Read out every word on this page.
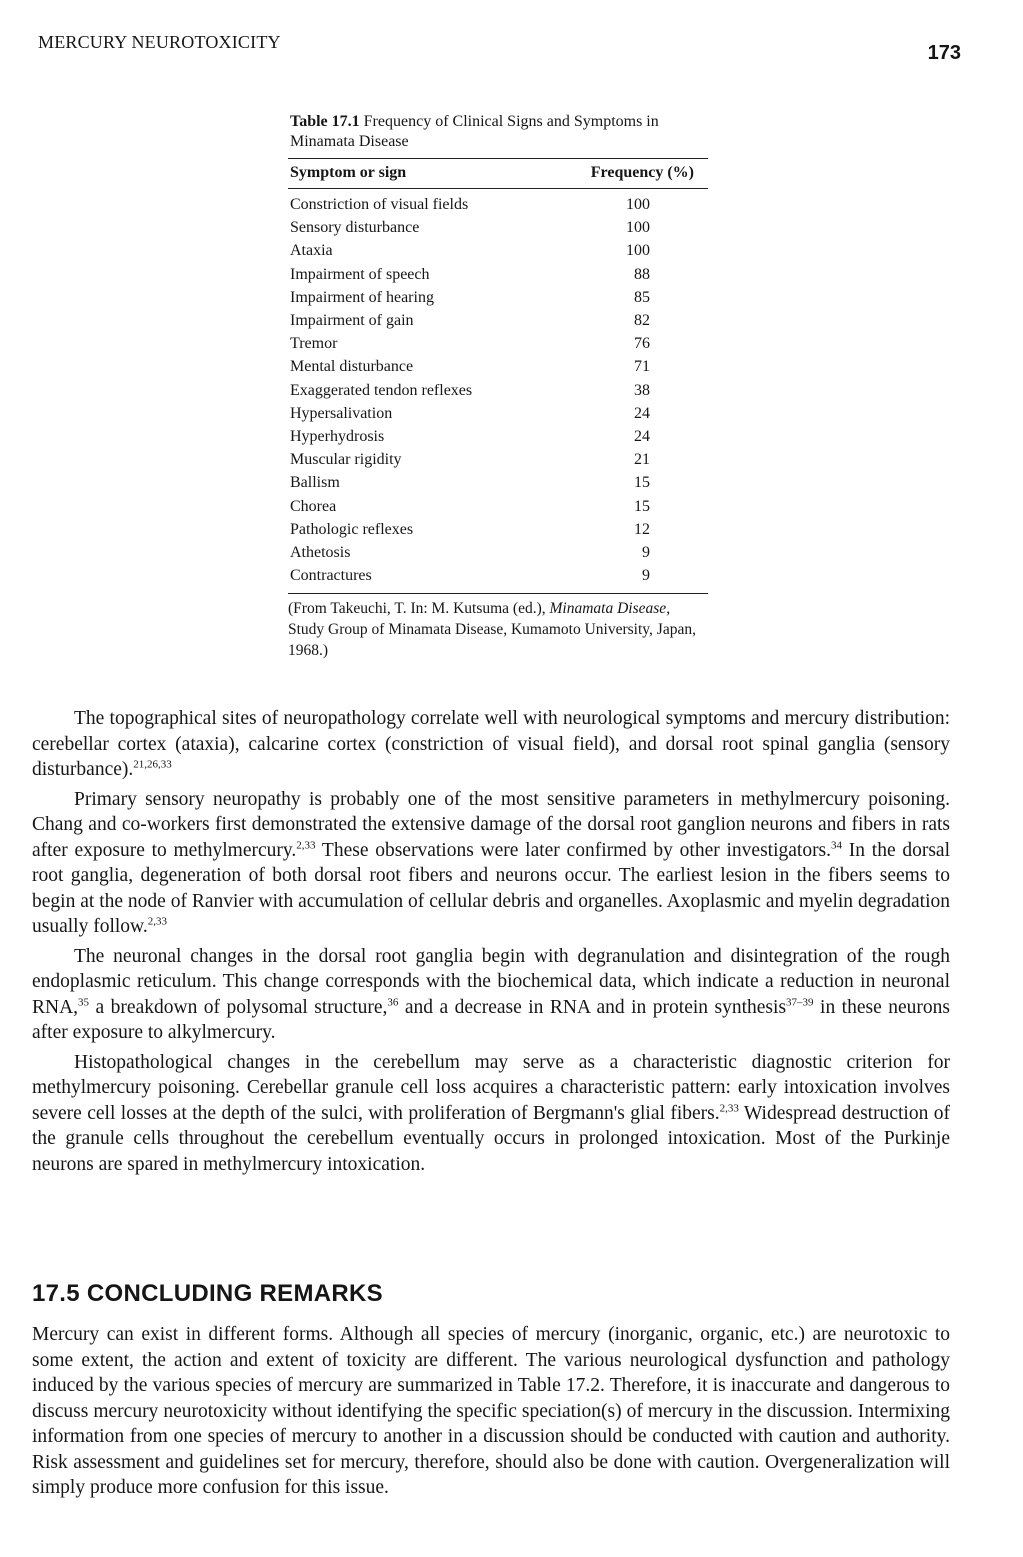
MERCURY NEUROTOXICITY	173
Table 17.1 Frequency of Clinical Signs and Symptoms in Minamata Disease
Symptom or sign	Frequency (%)

Constriction of visual fields	100
Sensory disturbance	100
Ataxia	100
Impairment of speech	88
Impairment of hearing	85
Impairment of gain	82
Tremor	76
Mental disturbance	71
Exaggerated tendon reflexes	38
Hypersalivation	24
Hyperhydrosis	24
Muscular rigidity	21
Ballism	15
Chorea	15
Pathologic reflexes	12
Athetosis	9
Contractures	9
(From Takeuchi, T. In: M. Kutsuma (ed.), Minamata Disease, Study Group of Minamata Disease, Kumamoto University, Japan, 1968.)

The topographical sites of neuropathology correlate well with neurological symptoms and mercury distribution: cerebellar cortex (ataxia), calcarine cortex (constriction of visual field), and dorsal root spinal ganglia (sensory disturbance).$^{21,26,33}$

Primary sensory neuropathy is probably one of the most sensitive parameters in methylmercury poisoning. Chang and co-workers first demonstrated the extensive damage of the dorsal root ganglion neurons and fibers in rats after exposure to methylmercury.$^{2,33}$ These observations were later confirmed by other investigators.$^{34}$ In the dorsal root ganglia, degeneration of both dorsal root fibers and neurons occur. The earliest lesion in the fibers seems to begin at the node of Ranvier with accumulation of cellular debris and organelles. Axoplasmic and myelin degradation usually follow.$^{2,33}$

The neuronal changes in the dorsal root ganglia begin with degranulation and disintegration of the rough endoplasmic reticulum. This change corresponds with the biochemical data, which indicate a reduction in neuronal RNA,$^{35}$ a breakdown of polysomal structure,$^{36}$ and a decrease in RNA and in protein synthesis$^{37-39}$ in these neurons after exposure to alkylmercury.

Histopathological changes in the cerebellum may serve as a characteristic diagnostic criterion for methylmercury poisoning. Cerebellar granule cell loss acquires a characteristic pattern: early intoxication involves severe cell losses at the depth of the sulci, with proliferation of Bergmann's glial fibers.$^{2,33}$ Widespread destruction of the granule cells throughout the cerebellum eventually occurs in prolonged intoxication. Most of the Purkinje neurons are spared in methylmercury intoxication.

17.5 CONCLUDING REMARKS

Mercury can exist in different forms. Although all species of mercury (inorganic, organic, etc.) are neurotoxic to some extent, the action and extent of toxicity are different. The various neurological dysfunction and pathology induced by the various species of mercury are summarized in Table 17.2. Therefore, it is inaccurate and dangerous to discuss mercury neurotoxicity without identifying the specific speciation(s) of mercury in the discussion. Intermixing information from one species of mercury to another in a discussion should be conducted with caution and authority. Risk assessment and guidelines set for mercury, therefore, should also be done with caution. Overgeneralization will simply produce more confusion for this issue.
